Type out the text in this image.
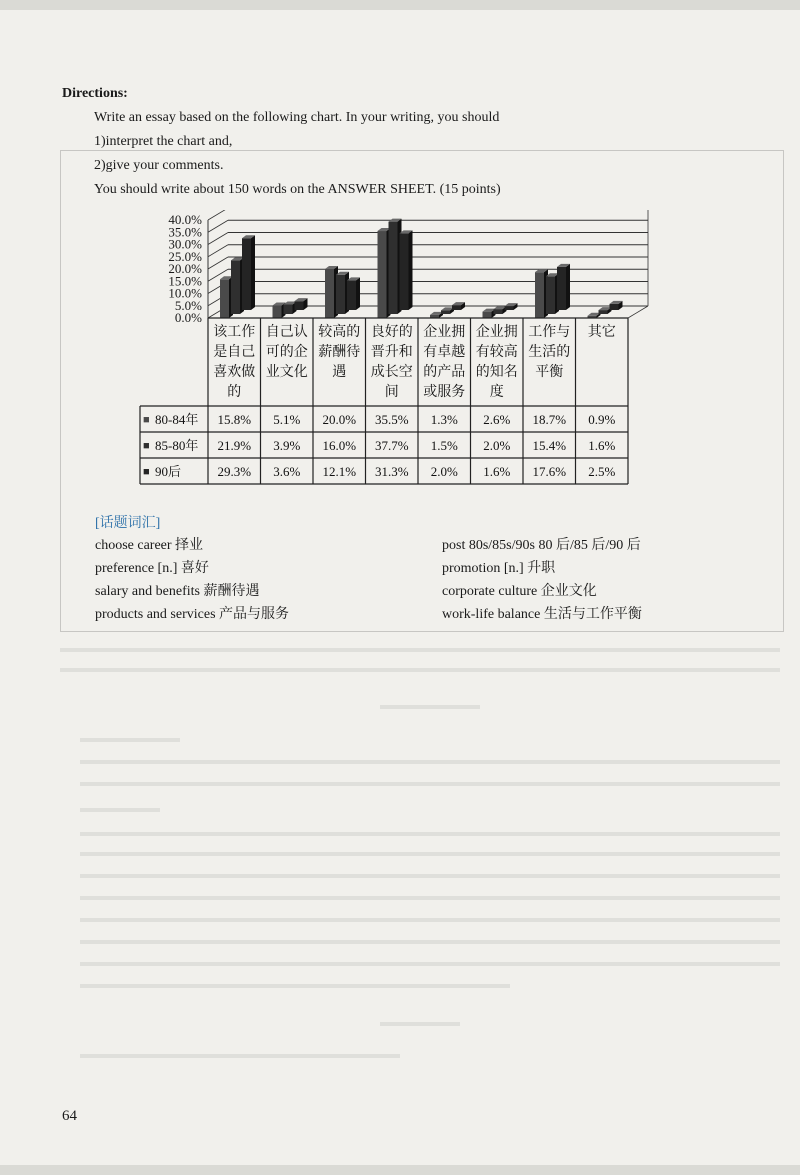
Directions:
Write an essay based on the following chart. In your writing, you should
1)interpret the chart and,
2)give your comments.
You should write about 150 words on the ANSWER SHEET. (15 points)
0.0%
5.0%
10.0%
15.0%
20.0%
25.0%
30.0%
35.0%
40.0%
该工作
是自己
喜欢做
的
自己认
可的企
业文化
较高的
薪酬待
遇
良好的
晋升和
成长空
间
企业拥
有卓越
的产品
或服务
企业拥
有较高
的知名
度
工作与
生活的
平衡
其它
■ 80-84年 15.8% 5.1% 20.0% 35.5% 1.3% 2.6% 18.7% 0.9%
■ 85-80年 21.9% 3.9% 16.0% 37.7% 1.5% 2.0% 15.4% 1.6%
■ 90后	29.3% 3.6% 12.1% 31.3% 2.0% 1.6% 17.6% 2.5%
[话题词汇]
choose career 择业
preference [n.] 喜好
salary and benefits 薪酬待遇
products and services 产品与服务
post 80s/85s/90s 80 后/85 后/90 后
promotion [n.] 升职
corporate culture 企业文化
work-life balance 生活与工作平衡
64
